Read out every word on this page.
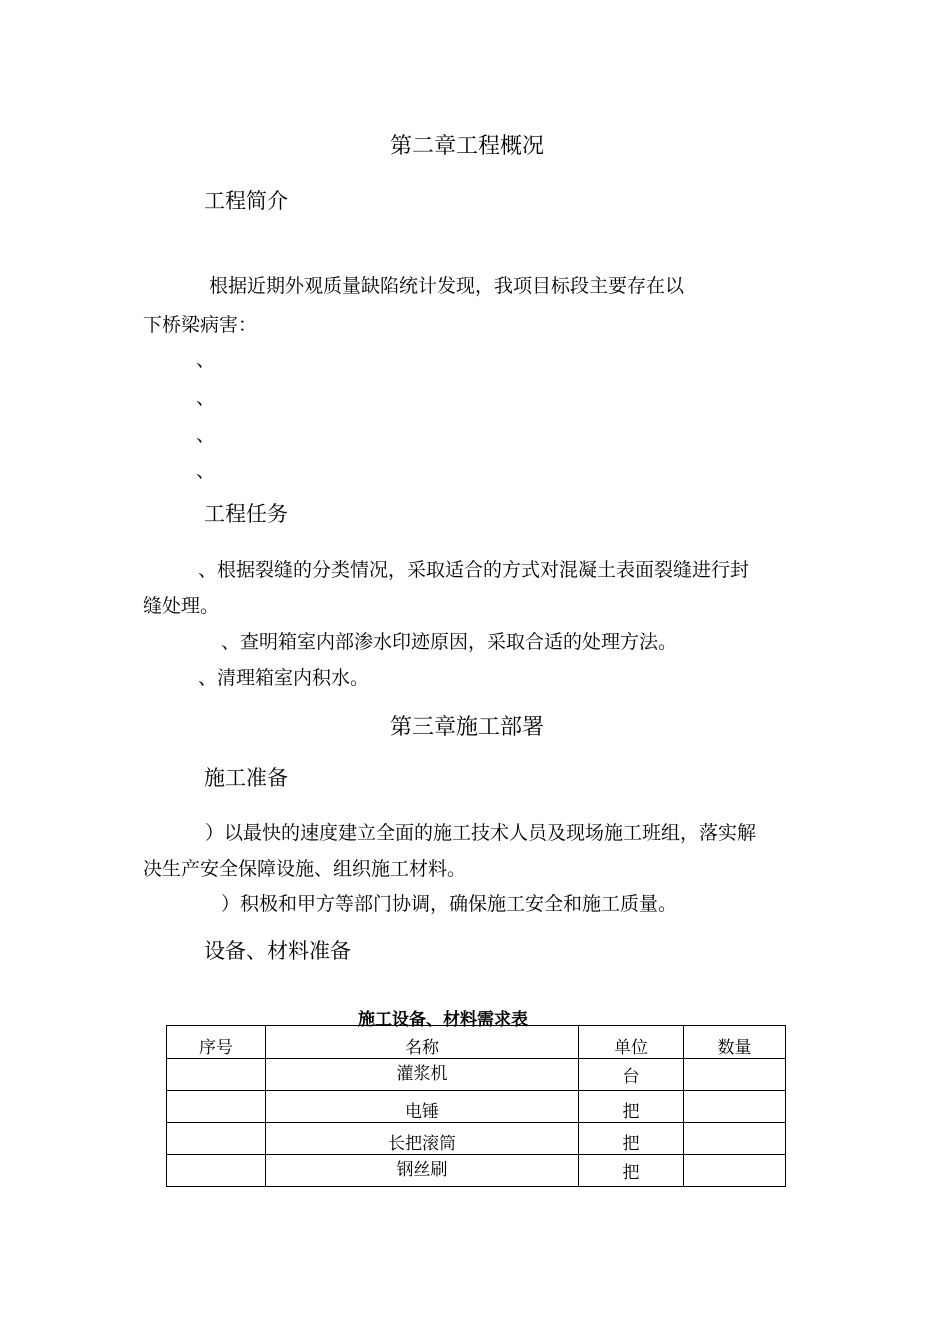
第二章工程概况
工程简介
根据近期外观质量缺陷统计发现，我项目标段主要存在以
下桥梁病害：
、
、
、
、
工程任务
、根据裂缝的分类情况，采取适合的方式对混凝土表面裂缝进行封
缝处理。
、查明箱室内部渗水印迹原因，采取合适的处理方法。
、清理箱室内积水。
第三章施工部署
施工准备
）以最快的速度建立全面的施工技术人员及现场施工班组，落实解
决生产安全保障设施、组织施工材料。
）积极和甲方等部门协调，确保施工安全和施工质量。
设备、材料准备
施工设备、材料需求表
序号	名称	单位	数量
	灌浆机	台	
	电锤	把	
	长把滚筒	把	
	钢丝刷	把	
